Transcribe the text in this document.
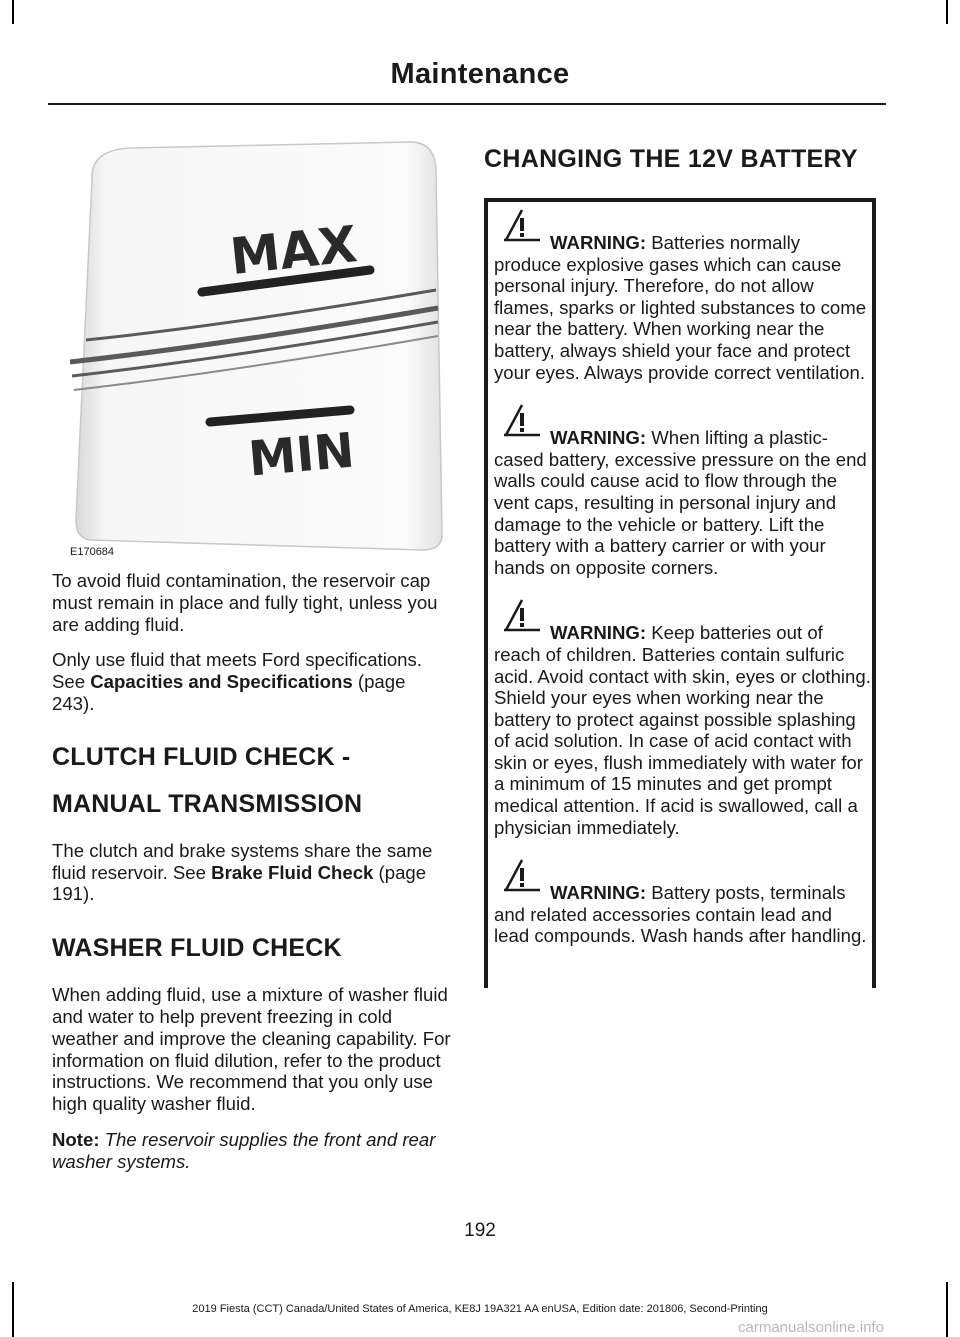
Maintenance
MAX
MIN
E170684

To avoid fluid contamination, the reservoir cap must remain in place and fully tight, unless you are adding fluid.

Only use fluid that meets Ford specifications. See Capacities and Specifications (page 243).

CLUTCH FLUID CHECK -
MANUAL TRANSMISSION

The clutch and brake systems share the same fluid reservoir. See Brake Fluid Check (page 191).

WASHER FLUID CHECK

When adding fluid, use a mixture of washer fluid and water to help prevent freezing in cold weather and improve the cleaning capability. For information on fluid dilution, refer to the product instructions. We recommend that you only use high quality washer fluid.

Note: The reservoir supplies the front and rear washer systems.

CHANGING THE 12V BATTERY

WARNING: Batteries normally produce explosive gases which can cause personal injury. Therefore, do not allow flames, sparks or lighted substances to come near the battery. When working near the battery, always shield your face and protect your eyes. Always provide correct ventilation.

WARNING: When lifting a plastic-cased battery, excessive pressure on the end walls could cause acid to flow through the vent caps, resulting in personal injury and damage to the vehicle or battery. Lift the battery with a battery carrier or with your hands on opposite corners.

WARNING: Keep batteries out of reach of children. Batteries contain sulfuric acid. Avoid contact with skin, eyes or clothing. Shield your eyes when working near the battery to protect against possible splashing of acid solution. In case of acid contact with skin or eyes, flush immediately with water for a minimum of 15 minutes and get prompt medical attention. If acid is swallowed, call a physician immediately.

WARNING: Battery posts, terminals and related accessories contain lead and lead compounds. Wash hands after handling.

192
2019 Fiesta (CCT) Canada/United States of America, KE8J 19A321 AA enUSA, Edition date: 201806, Second-Printing
carmanualsonline.info
